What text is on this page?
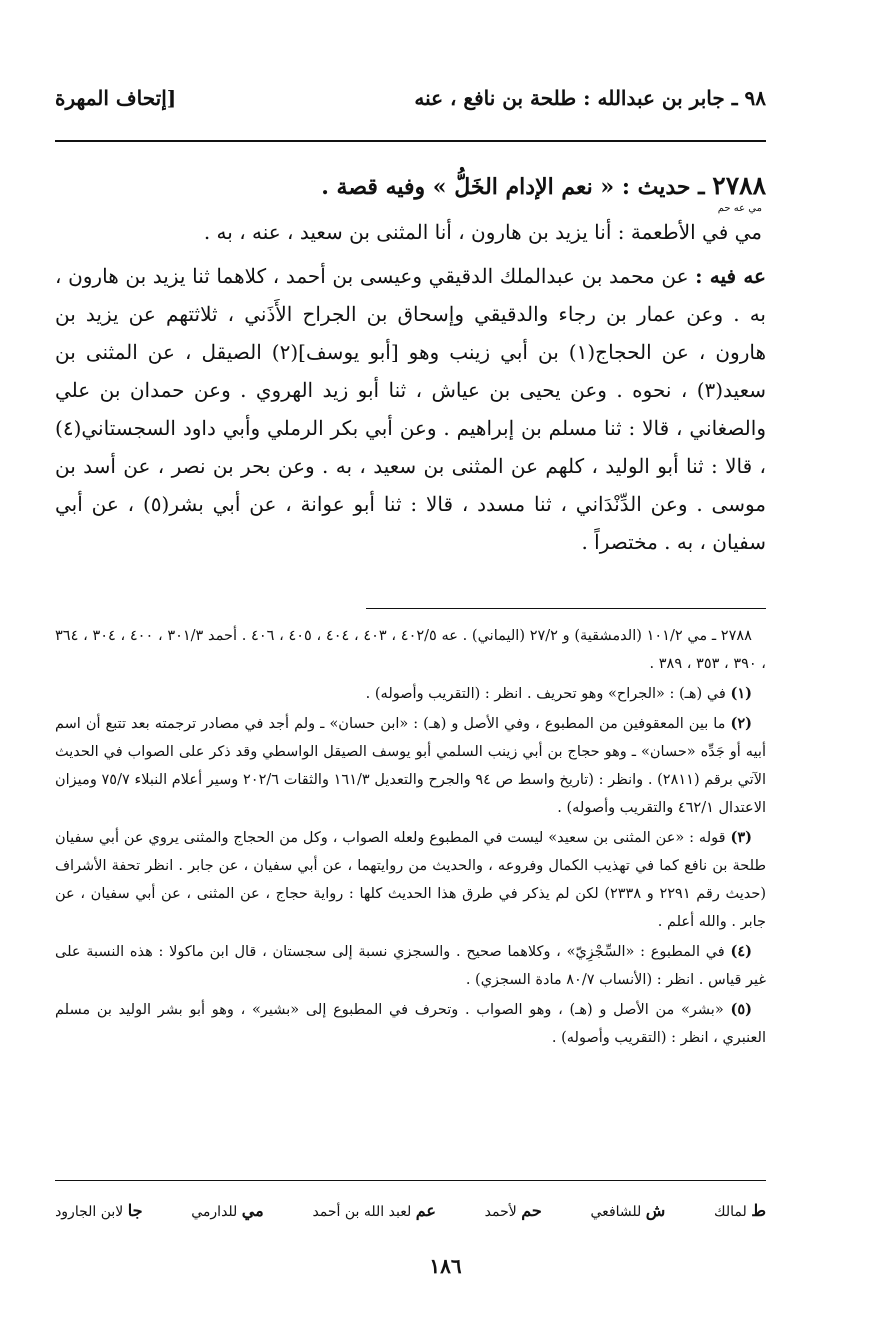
٩٨ ـ جابر بن عبدالله : طلحة بن نافع ، عنه
[إتحاف المهرة
٢٧٨٨ ـ حديث : « نعم الإدام الخَلُّ » وفيه قصة .
مي عه حم
مي في الأطعمة : أنا يزيد بن هارون ، أنا المثنى بن سعيد ، عنه ، به .

عه فيه : عن محمد بن عبدالملك الدقيقي وعيسى بن أحمد ، كلاهما ثنا يزيد بن هارون ، به . وعن عمار بن رجاء والدقيقي وإسحاق بن الجراح الأَذَني ، ثلاثتهم عن يزيد بن هارون ، عن الحجاج(١) بن أبي زينب وهو [أبو يوسف](٢) الصيقل ، عن المثنى بن سعيد(٣) ، نحوه . وعن يحيى بن عياش ، ثنا أبو زيد الهروي . وعن حمدان بن علي والصغاني ، قالا : ثنا مسلم بن إبراهيم . وعن أبي بكر الرملي وأبي داود السجستاني(٤) ، قالا : ثنا أبو الوليد ، كلهم عن المثنى بن سعيد ، به . وعن بحر بن نصر ، عن أسد بن موسى . وعن الدِّنْدَاني ، ثنا مسدد ، قالا : ثنا أبو عوانة ، عن أبي بشر(٥) ، عن أبي سفيان ، به . مختصراً .

٢٧٨٨ ـ مي ١٠١/٢ (الدمشقية) و ٢٧/٢ (اليماني) . عه ٤٠٢/٥ ، ٤٠٣ ، ٤٠٤ ، ٤٠٥ ، ٤٠٦ . أحمد ٣٠١/٣ ، ٤٠٠ ، ٣٠٤ ، ٣٦٤ ، ٣٩٠ ، ٣٥٣ ، ٣٨٩ .

(١) في (هـ) : «الجراح» وهو تحريف . انظر : (التقريب وأصوله) .

(٢) ما بين المعقوفين من المطبوع ، وفي الأصل و (هـ) : «ابن حسان» ـ ولم أجد في مصادر ترجمته بعد تتبع أن اسم أبيه أو جَدِّه «حسان» ـ وهو حجاج بن أبي زينب السلمي أبو يوسف الصيقل الواسطي وقد ذكر على الصواب في الحديث الآتي برقم (٢٨١١) . وانظر : (تاريخ واسط ص ٩٤ والجرح والتعديل ١٦١/٣ والثقات ٢٠٢/٦ وسير أعلام النبلاء ٧٥/٧ وميزان الاعتدال ٤٦٢/١ والتقريب وأصوله) .

(٣) قوله : «عن المثنى بن سعيد» ليست في المطبوع ولعله الصواب ، وكل من الحجاج والمثنى يروي عن أبي سفيان طلحة بن نافع كما في تهذيب الكمال وفروعه ، والحديث من روايتهما ، عن أبي سفيان ، عن جابر . انظر تحفة الأشراف (حديث رقم ٢٢٩١ و ٢٣٣٨) لكن لم يذكر في طرق هذا الحديث كلها : رواية حجاج ، عن المثنى ، عن أبي سفيان ، عن جابر . والله أعلم .

(٤) في المطبوع : «السِّجْزِيّ» ، وكلاهما صحيح . والسجزي نسبة إلى سجستان ، قال ابن ماكولا : هذه النسبة على غير قياس . انظر : (الأنساب ٨٠/٧ مادة السجزي) .

(٥) «بشر» من الأصل و (هـ) ، وهو الصواب . وتحرف في المطبوع إلى «بشير» ، وهو أبو بشر الوليد بن مسلم العنبري ، انظر : (التقريب وأصوله) .

ط لمالك
ش للشافعي
حم لأحمد
عم لعبد الله بن أحمد
مي للدارمي
جا لابن الجارود
١٨٦
